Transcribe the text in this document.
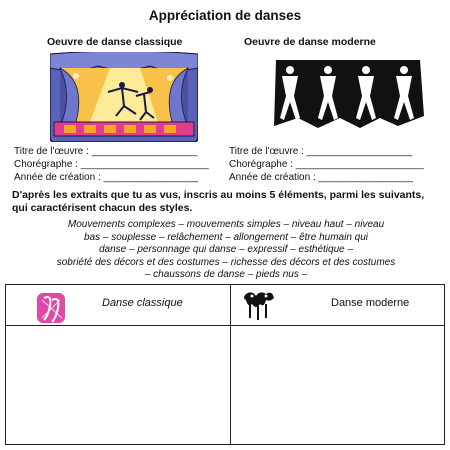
Appréciation de danses
Oeuvre de danse classique	Oeuvre de danse moderne
Titre de l'œuvre : ___________________
Chorégraphe : _______________________
Année de création : _________________
Titre de l'œuvre : ___________________
Chorégraphe : _______________________
Année de création : _________________
D'après les extraits que tu as vus, inscris au moins 5 éléments, parmi les suivants, qui caractérisent chacun des styles.
Mouvements complexes – mouvements simples – niveau haut – niveau
bas – souplesse – relâchement – allongement – être humain qui
danse – personnage qui danse – expressif – esthétique –
sobriété des décors et des costumes – richesse des décors et des costumes
– chaussons de danse – pieds nus –
Danse classique	Danse moderne
